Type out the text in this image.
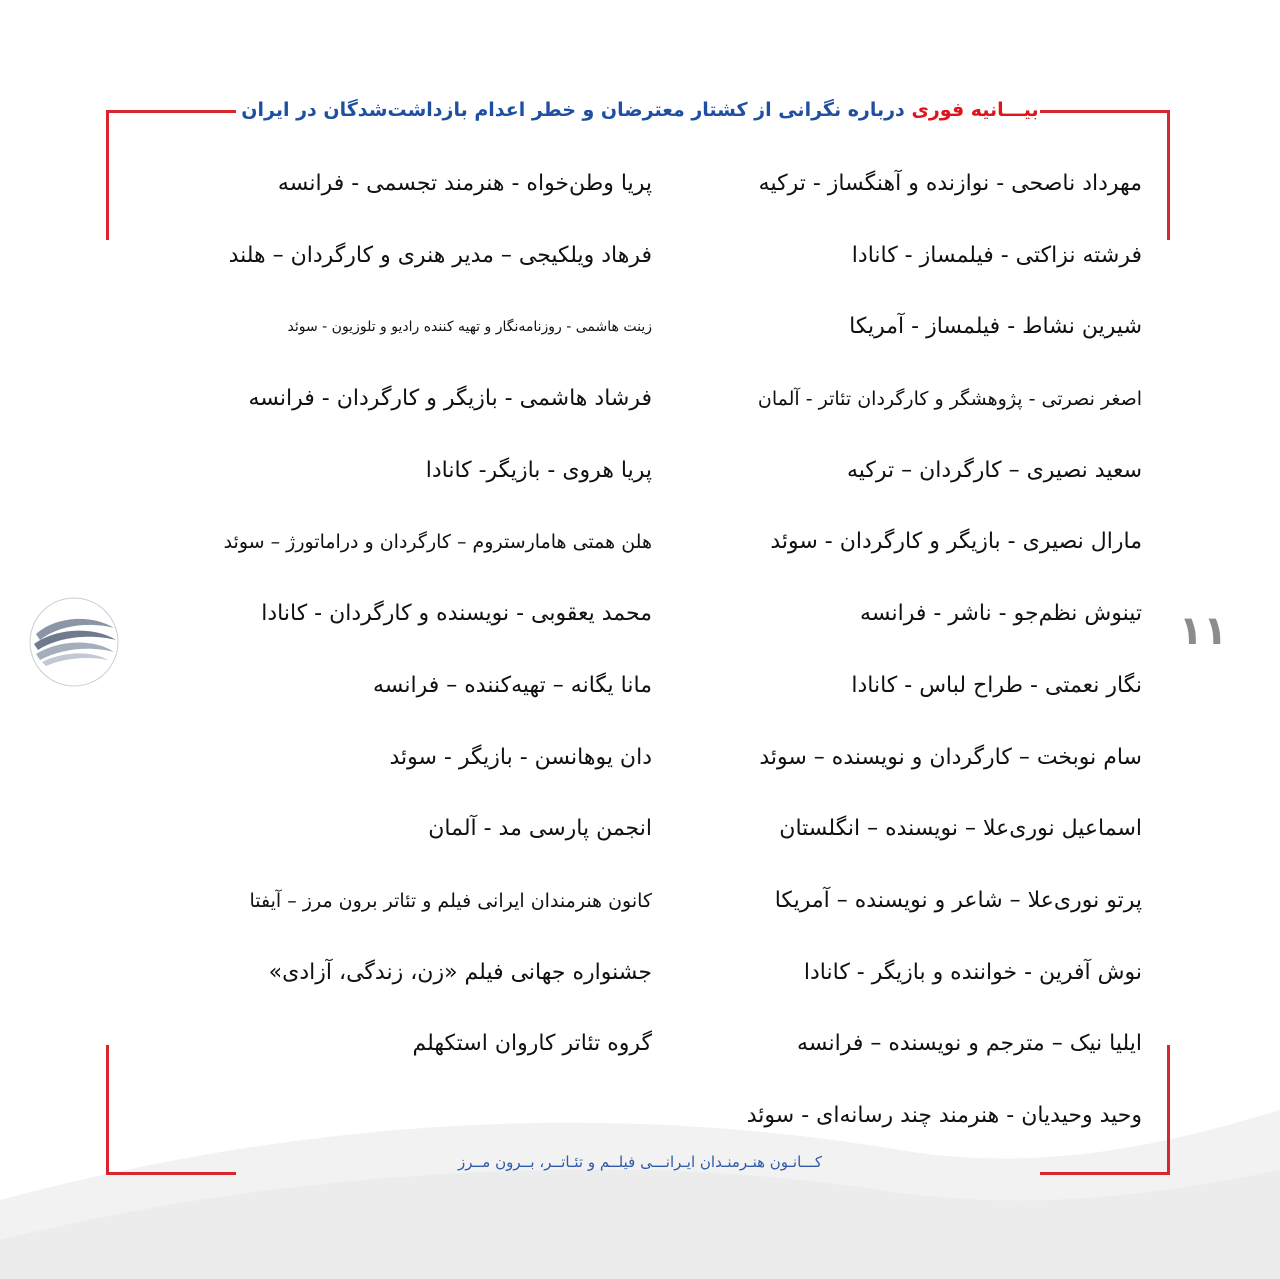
بیـــانیه فوری درباره نگرانی از کشتار معترضان و خطر اعدام بازداشت‌شدگان در ایران
مهرداد ناصحی - نوازنده و آهنگساز - ترکیه
فرشته نزاکتی - فیلمساز - کانادا
شیرین نشاط - فیلمساز - آمریکا
اصغر نصرتی - پژوهشگر و کارگردان تئاتر - آلمان
سعید نصیری – کارگردان – ترکیه
مارال نصیری - بازیگر و کارگردان - سوئد
تینوش نظم‌جو - ناشر - فرانسه
نگار نعمتی - طراح لباس - کانادا
سام نوبخت – کارگردان و نویسنده – سوئد
اسماعیل نوری‌علا – نویسنده – انگلستان
پرتو نوری‌علا – شاعر و نویسنده – آمریکا
نوش آفرین - خواننده و بازیگر - کانادا
ایلیا نیک – مترجم و نویسنده – فرانسه
وحید وحیدیان - هنرمند چند رسانه‌ای - سوئد
پریا وطن‌خواه - هنرمند تجسمی - فرانسه
فرهاد ویلکیجی – مدیر هنری و کارگردان – هلند
زینت هاشمی - روزنامه‌نگار و تهیه کننده رادیو و تلوزیون - سوئد
فرشاد هاشمی - بازیگر و کارگردان - فرانسه
پریا هروی - بازیگر- کانادا
هلن همتی هامارستروم – کارگردان و دراماتورژ – سوئد
محمد یعقوبی - نویسنده و کارگردان - کانادا
مانا یگانه – تهیه‌کننده – فرانسه
دان یوهانسن - بازیگر - سوئد
انجمن پارسی مد - آلمان
کانون هنرمندان ایرانی فیلم و تئاتر برون مرز – آیفتا
جشنواره جهانی فیلم «زن، زندگی، آزادی»
گروه تئاتر کاروان استکهلم
۱۱
کـــانـون هنـرمنـدان ایـرانـــی فیلــم و تئـاتــر، بــرون مــرز
